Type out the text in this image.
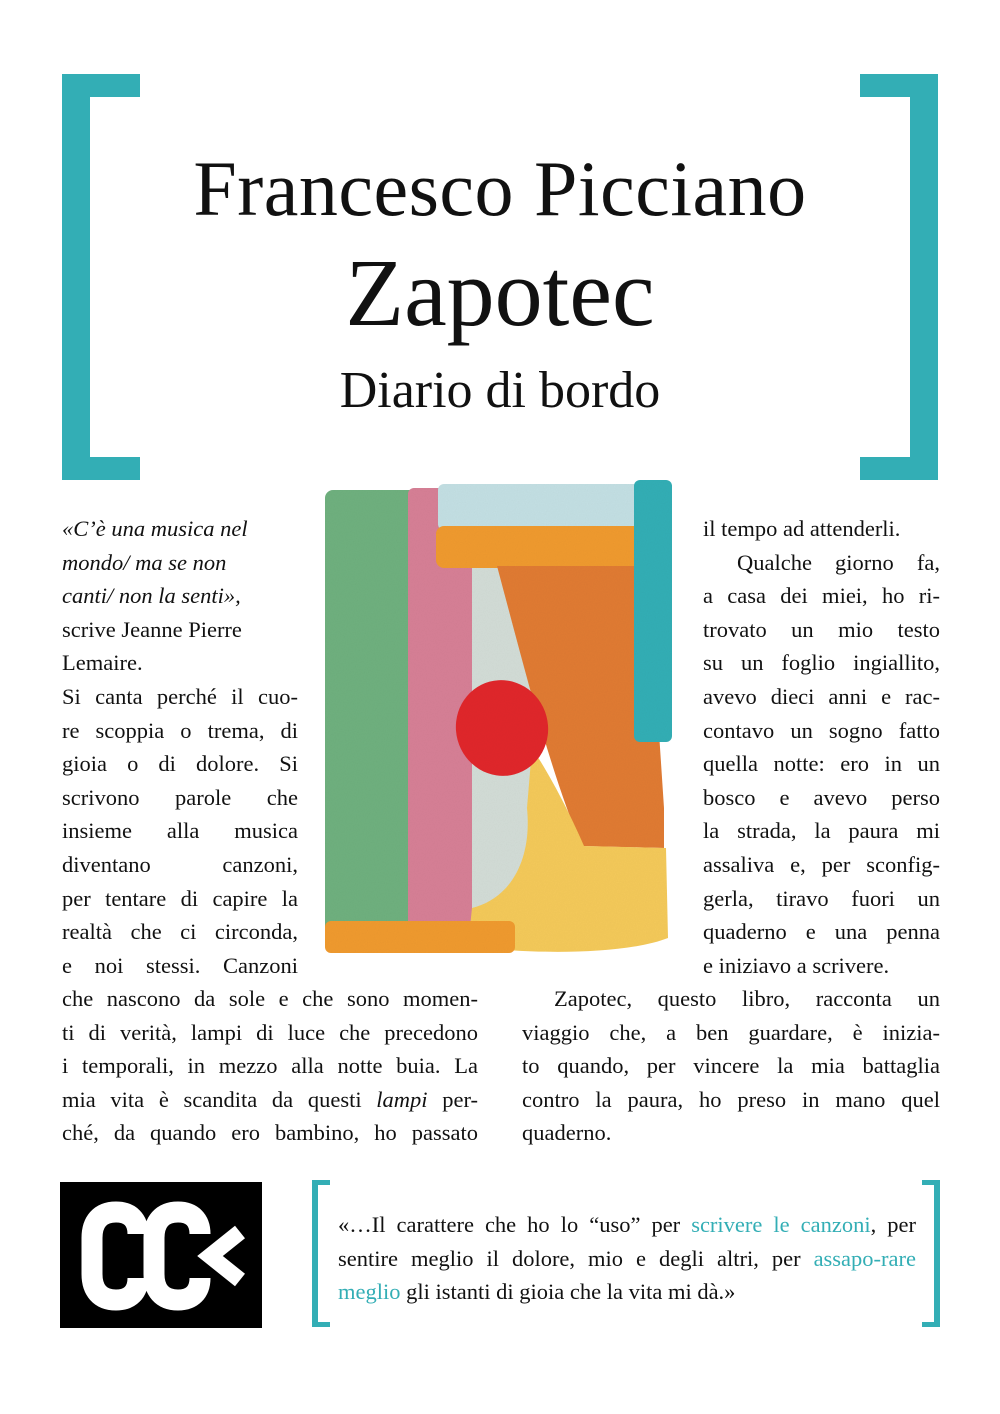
Francesco Picciano
Zapotec
Diario di bordo

«C’è una musica nel

mondo/ ma se non

canti/ non la senti»,

scrive Jeanne Pierre

Lemaire.

Si canta perché il cuo-

re scoppia o trema, di

gioia o di dolore. Si

scrivono parole che

insieme alla musica

diventano canzoni,

per tentare di capire la

realtà che ci circonda,

e noi stessi. Canzoni

che nascono da sole e che sono momen-

ti di verità, lampi di luce che precedono

i temporali, in mezzo alla notte buia. La

mia vita è scandita da questi lampi per-

ché, da quando ero bambino, ho passato

il tempo ad attenderli.

Qualche giorno fa,

a casa dei miei, ho ri-

trovato un mio testo

su un foglio ingiallito,

avevo dieci anni e rac-

contavo un sogno fatto

quella notte: ero in un

bosco e avevo perso

la strada, la paura mi

assaliva e, per sconfig-

gerla, tiravo fuori un

quaderno e una penna

e iniziavo a scrivere.

Zapotec, questo libro, racconta un

viaggio che, a ben guardare, è inizia-

to quando, per vincere la mia battaglia

contro la paura, ho preso in mano quel

quaderno.

«…Il carattere che ho lo “uso” per scrivere le canzoni, per sentire meglio il dolore, mio e degli altri, per assapo-rare meglio gli istanti di gioia che la vita mi dà.»
